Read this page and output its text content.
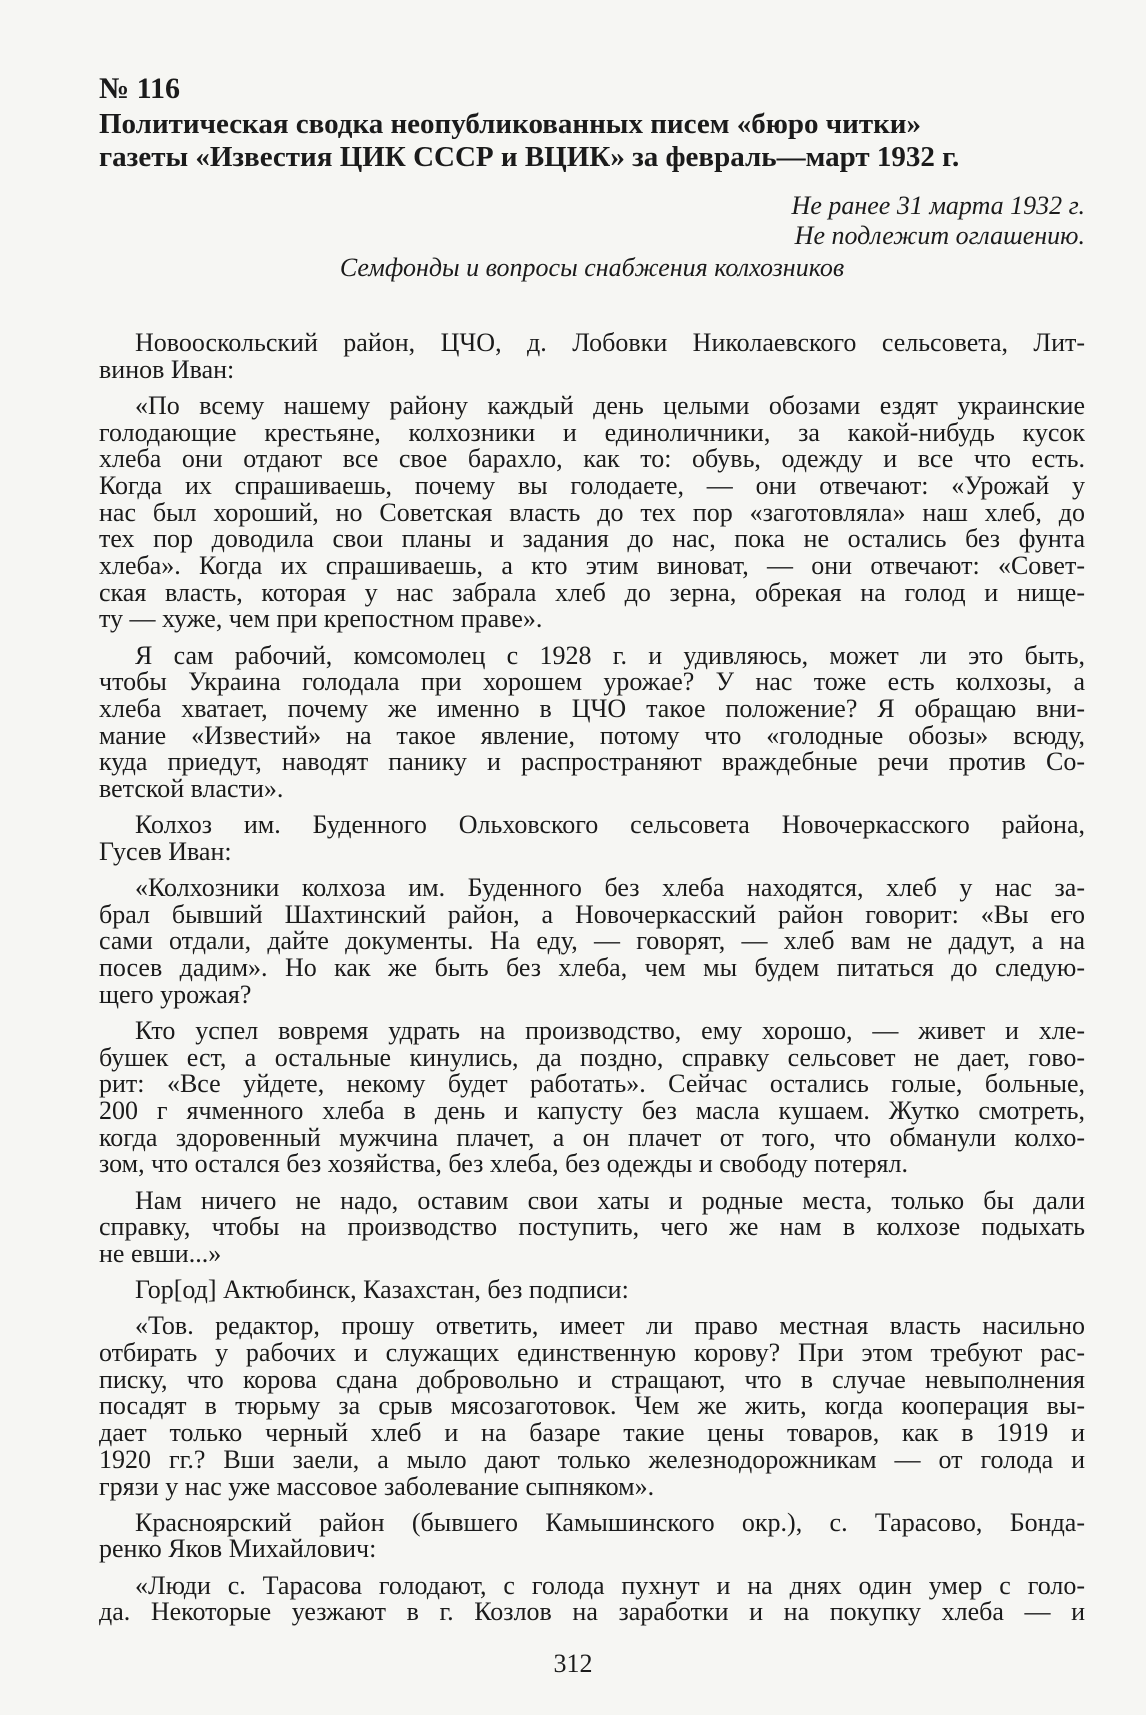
№ 116
Политическая сводка неопубликованных писем «бюро читки»
газеты «Известия ЦИК СССР и ВЦИК» за февраль—март 1932 г.
Не ранее 31 марта 1932 г.
Не подлежит оглашению.
Семфонды и вопросы снабжения колхозников
Новооскольский район, ЦЧО, д. Лобовки Николаевского сельсовета, Лит-
винов Иван:
«По всему нашему району каждый день целыми обозами ездят украинские
голодающие крестьяне, колхозники и единоличники, за какой-нибудь кусок
хлеба они отдают все свое барахло, как то: обувь, одежду и все что есть.
Когда их спрашиваешь, почему вы голодаете, — они отвечают: «Урожай у
нас был хороший, но Советская власть до тех пор «заготовляла» наш хлеб, до
тех пор доводила свои планы и задания до нас, пока не остались без фунта
хлеба». Когда их спрашиваешь, а кто этим виноват, — они отвечают: «Совет-
ская власть, которая у нас забрала хлеб до зерна, обрекая на голод и нище-
ту — хуже, чем при крепостном праве».
Я сам рабочий, комсомолец с 1928 г. и удивляюсь, может ли это быть,
чтобы Украина голодала при хорошем урожае? У нас тоже есть колхозы, а
хлеба хватает, почему же именно в ЦЧО такое положение? Я обращаю вни-
мание «Известий» на такое явление, потому что «голодные обозы» всюду,
куда приедут, наводят панику и распространяют враждебные речи против Со-
ветской власти».
Колхоз им. Буденного Ольховского сельсовета Новочеркасского района,
Гусев Иван:
«Колхозники колхоза им. Буденного без хлеба находятся, хлеб у нас за-
брал бывший Шахтинский район, а Новочеркасский район говорит: «Вы его
сами отдали, дайте документы. На еду, — говорят, — хлеб вам не дадут, а на
посев дадим». Но как же быть без хлеба, чем мы будем питаться до следую-
щего урожая?
Кто успел вовремя удрать на производство, ему хорошо, — живет и хле-
бушек ест, а остальные кинулись, да поздно, справку сельсовет не дает, гово-
рит: «Все уйдете, некому будет работать». Сейчас остались голые, больные,
200 г ячменного хлеба в день и капусту без масла кушаем. Жутко смотреть,
когда здоровенный мужчина плачет, а он плачет от того, что обманули колхо-
зом, что остался без хозяйства, без хлеба, без одежды и свободу потерял.
Нам ничего не надо, оставим свои хаты и родные места, только бы дали
справку, чтобы на производство поступить, чего же нам в колхозе подыхать
не евши...»
Гор[од] Актюбинск, Казахстан, без подписи:
«Тов. редактор, прошу ответить, имеет ли право местная власть насильно
отбирать у рабочих и служащих единственную корову? При этом требуют рас-
писку, что корова сдана добровольно и стращают, что в случае невыполнения
посадят в тюрьму за срыв мясозаготовок. Чем же жить, когда кооперация вы-
дает только черный хлеб и на базаре такие цены товаров, как в 1919 и
1920 гг.? Вши заели, а мыло дают только железнодорожникам — от голода и
грязи у нас уже массовое заболевание сыпняком».
Красноярский район (бывшего Камышинского окр.), с. Тарасово, Бонда-
ренко Яков Михайлович:
«Люди с. Тарасова голодают, с голода пухнут и на днях один умер с голо-
да. Некоторые уезжают в г. Козлов на заработки и на покупку хлеба — и
312
